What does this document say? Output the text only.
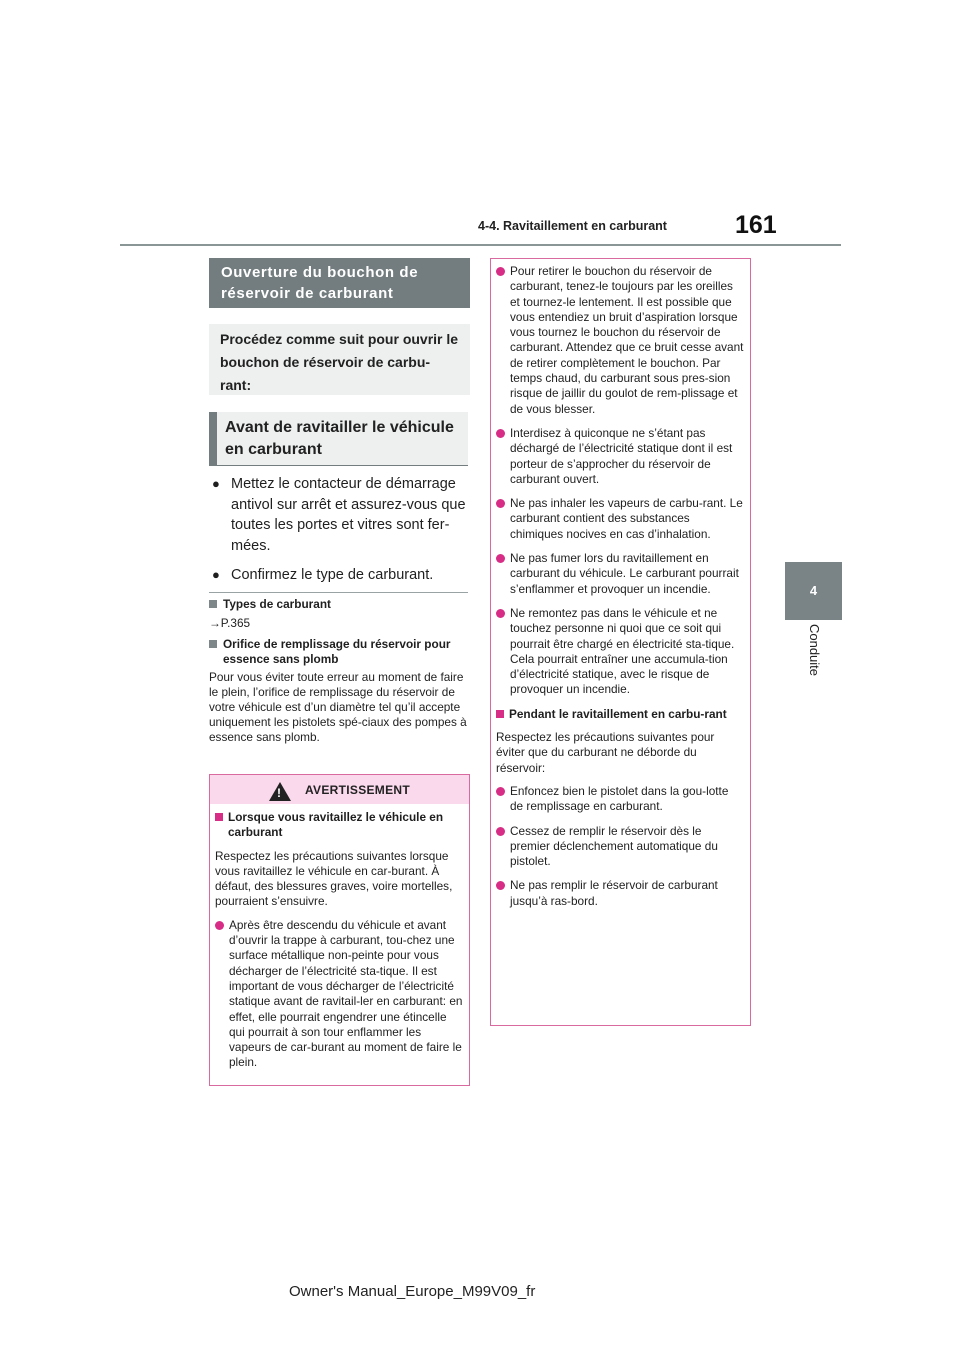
4-4. Ravitaillement en carburant	161
4
Conduite
Ouverture du bouchon de réservoir de carburant
Procédez comme suit pour ouvrir le bouchon de réservoir de carbu-rant:
Avant de ravitailler le véhicule en carburant
● Mettez le contacteur de démarrage antivol sur arrêt et assurez-vous que toutes les portes et vitres sont fer-mées.
● Confirmez le type de carburant.
Types de carburant
→P.365
Orifice de remplissage du réservoir pour essence sans plomb
Pour vous éviter toute erreur au moment de faire le plein, l’orifice de remplissage du réservoir de votre véhicule est d’un diamètre tel qu’il accepte uniquement les pistolets spé-ciaux des pompes à essence sans plomb.
! AVERTISSEMENT
Lorsque vous ravitaillez le véhicule en carburant
Respectez les précautions suivantes lorsque vous ravitaillez le véhicule en car-burant. À défaut, des blessures graves, voire mortelles, pourraient s’ensuivre.
Après être descendu du véhicule et avant d’ouvrir la trappe à carburant, tou-chez une surface métallique non-peinte pour vous décharger de l’électricité sta-tique. Il est important de vous décharger de l’électricité statique avant de ravitail-ler en carburant: en effet, elle pourrait engendrer une étincelle qui pourrait à son tour enflammer les vapeurs de car-burant au moment de faire le plein.
Pour retirer le bouchon du réservoir de carburant, tenez-le toujours par les oreilles et tournez-le lentement. Il est possible que vous entendiez un bruit d’aspiration lorsque vous tournez le bouchon du réservoir de carburant. Attendez que ce bruit cesse avant de retirer complètement le bouchon. Par temps chaud, du carburant sous pres-sion risque de jaillir du goulot de rem-plissage et de vous blesser.
Interdisez à quiconque ne s’étant pas déchargé de l’électricité statique dont il est porteur de s’approcher du réservoir de carburant ouvert.
Ne pas inhaler les vapeurs de carbu-rant. Le carburant contient des substances chimiques nocives en cas d’inhalation.
Ne pas fumer lors du ravitaillement en carburant du véhicule. Le carburant pourrait s’enflammer et provoquer un incendie.
Ne remontez pas dans le véhicule et ne touchez personne ni quoi que ce soit qui pourrait être chargé en électricité sta-tique. Cela pourrait entraîner une accumula-tion d’électricité statique, avec le risque de provoquer un incendie.
Pendant le ravitaillement en carbu-rant
Respectez les précautions suivantes pour éviter que du carburant ne déborde du réservoir:
Enfoncez bien le pistolet dans la gou-lotte de remplissage en carburant.
Cessez de remplir le réservoir dès le premier déclenchement automatique du pistolet.
Ne pas remplir le réservoir de carburant jusqu’à ras-bord.
Owner's Manual_Europe_M99V09_fr
